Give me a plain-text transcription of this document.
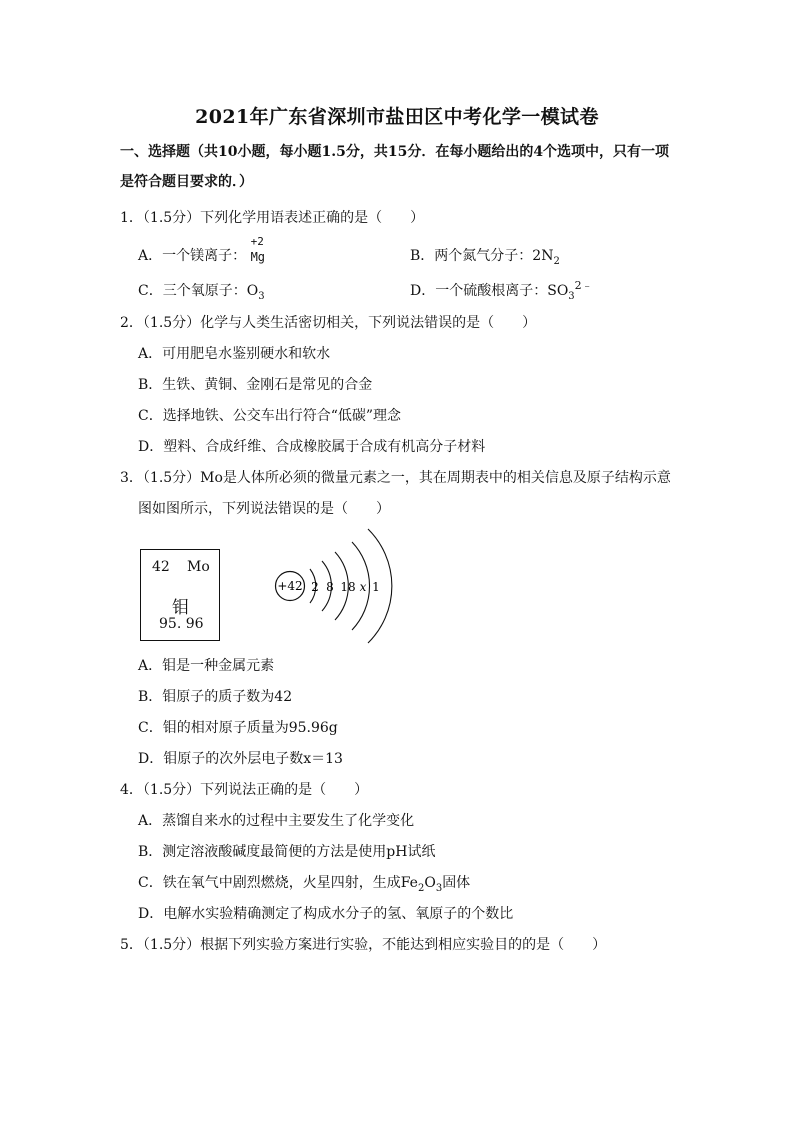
2021年广东省深圳市盐田区中考化学一模试卷
一、选择题（共10小题，每小题1.5分，共15分．在每小题给出的4个选项中，只有一项
是符合题目要求的．）
1．（1.5分）下列化学用语表述正确的是（　　）
A．一个镁离子：
+2
Mg	B．两个氮气分子：$2N_2$
C．三个氧原子：$O_3$	D．一个硫酸根离子：$SO_32﹣$
2．（1.5分）化学与人类生活密切相关，下列说法错误的是（　　）
A．可用肥皂水鉴别硬水和软水
B．生铁、黄铜、金刚石是常见的合金
C．选择地铁、公交车出行符合“低碳”理念
D．塑料、合成纤维、合成橡胶属于合成有机高分子材料
3．（1.5分）Mo是人体所必须的微量元素之一，其在周期表中的相关信息及原子结构示意
图如图所示，下列说法错误的是（　　）
42 Mo
钼
95. 96
+42 2 8 18 x 1
A．钼是一种金属元素
B．钼原子的质子数为42
C．钼的相对原子质量为95.96g
D．钼原子的次外层电子数x＝13
4．（1.5分）下列说法正确的是（　　）
A．蒸馏自来水的过程中主要发生了化学变化
B．测定溶液酸碱度最简便的方法是使用pH试纸
C．铁在氧气中剧烈燃烧，火星四射，生成$Fe_2O_3$固体
D．电解水实验精确测定了构成水分子的氢、氧原子的个数比
5．（1.5分）根据下列实验方案进行实验，不能达到相应实验目的的是（　　）
